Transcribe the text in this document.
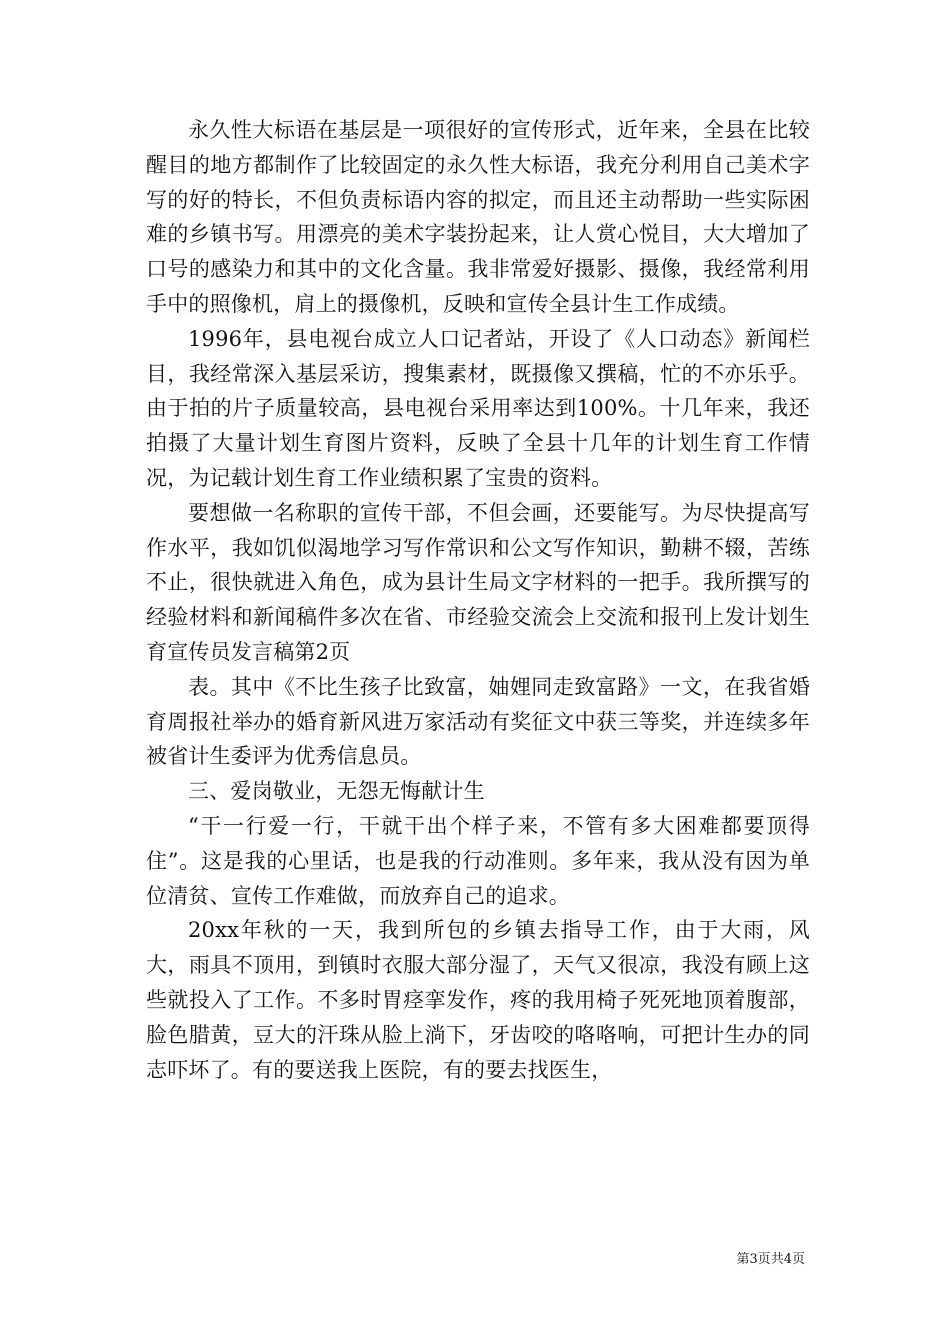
永久性大标语在基层是一项很好的宣传形式，近年来，全县在比较醒目的地方都制作了比较固定的永久性大标语，我充分利用自己美术字写的好的特长，不但负责标语内容的拟定，而且还主动帮助一些实际困难的乡镇书写。用漂亮的美术字装扮起来，让人赏心悦目，大大增加了口号的感染力和其中的文化含量。我非常爱好摄影、摄像，我经常利用手中的照像机，肩上的摄像机，反映和宣传全县计生工作成绩。

1996年，县电视台成立人口记者站，开设了《人口动态》新闻栏目，我经常深入基层采访，搜集素材，既摄像又撰稿，忙的不亦乐乎。由于拍的片子质量较高，县电视台采用率达到100%。十几年来，我还拍摄了大量计划生育图片资料，反映了全县十几年的计划生育工作情况，为记载计划生育工作业绩积累了宝贵的资料。

要想做一名称职的宣传干部，不但会画，还要能写。为尽快提高写作水平，我如饥似渴地学习写作常识和公文写作知识，勤耕不辍，苦练不止，很快就进入角色，成为县计生局文字材料的一把手。我所撰写的经验材料和新闻稿件多次在省、市经验交流会上交流和报刊上发计划生育宣传员发言稿第2页

表。其中《不比生孩子比致富，妯娌同走致富路》一文，在我省婚育周报社举办的婚育新风进万家活动有奖征文中获三等奖，并连续多年被省计生委评为优秀信息员。

三、爱岗敬业，无怨无悔献计生

“干一行爱一行，干就干出个样子来，不管有多大困难都要顶得住”。这是我的心里话，也是我的行动准则。多年来，我从没有因为单位清贫、宣传工作难做，而放弃自己的追求。

20xx年秋的一天，我到所包的乡镇去指导工作，由于大雨，风大，雨具不顶用，到镇时衣服大部分湿了，天气又很凉，我没有顾上这些就投入了工作。不多时胃痉挛发作，疼的我用椅子死死地顶着腹部，脸色腊黄，豆大的汗珠从脸上淌下，牙齿咬的咯咯响，可把计生办的同志吓坏了。有的要送我上医院，有的要去找医生，

第3页共4页
